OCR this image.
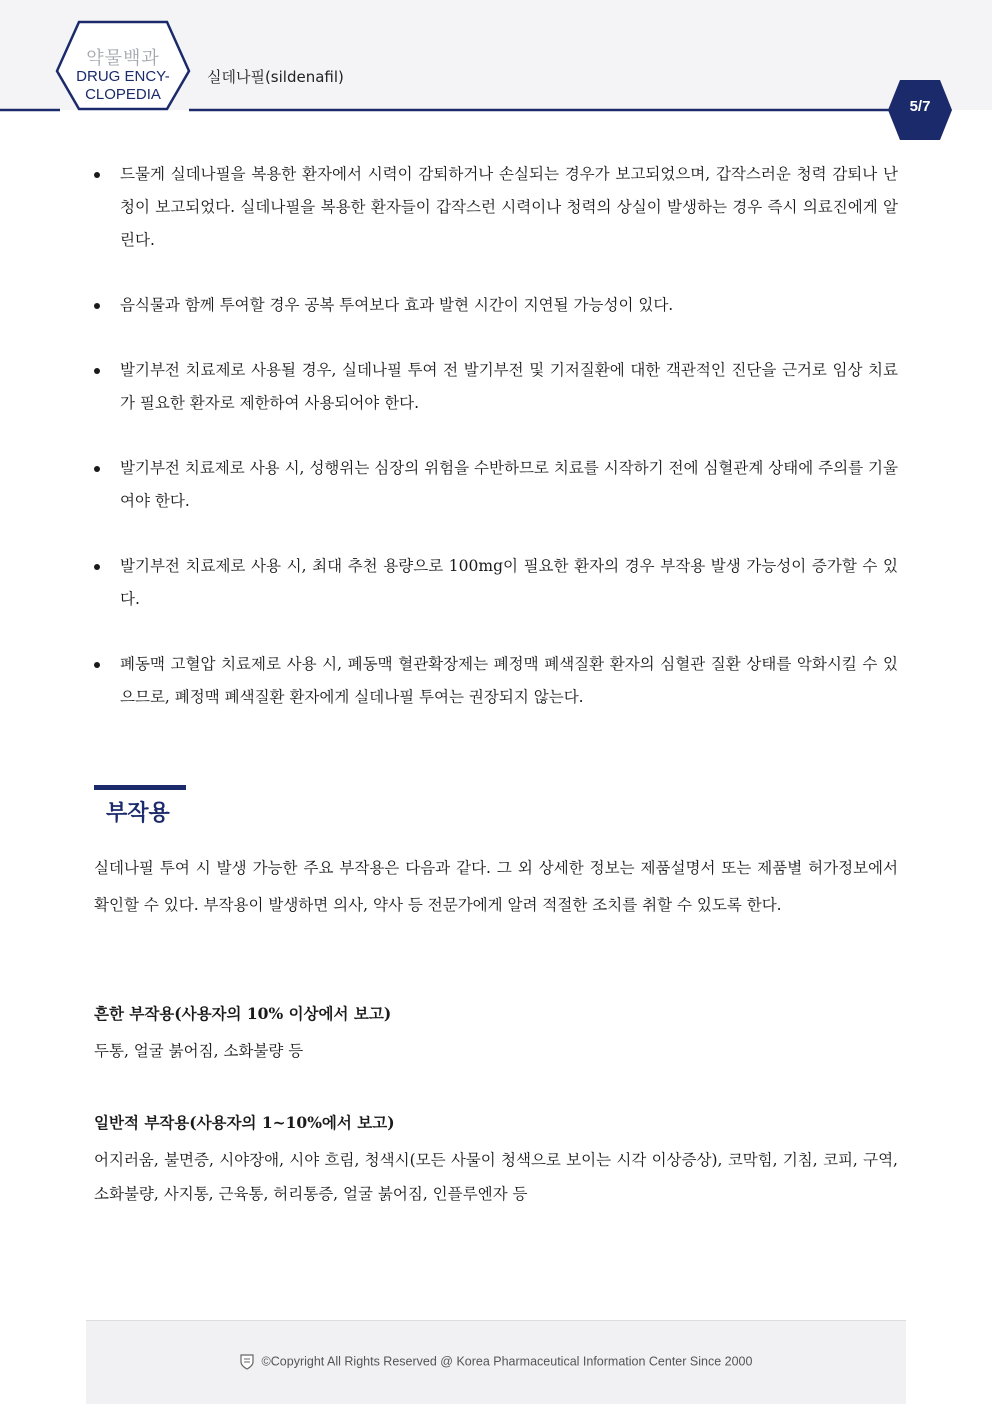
약물백과
DRUG ENCY-
CLOPEDIA
실데나필(sildenafil)
5/7
드물게 실데나필을 복용한 환자에서 시력이 감퇴하거나 손실되는 경우가 보고되었으며, 갑작스러운 청력 감퇴나 난청이 보고되었다. 실데나필을 복용한 환자들이 갑작스런 시력이나 청력의 상실이 발생하는 경우 즉시 의료진에게 알린다.
음식물과 함께 투여할 경우 공복 투여보다 효과 발현 시간이 지연될 가능성이 있다.
발기부전 치료제로 사용될 경우, 실데나필 투여 전 발기부전 및 기저질환에 대한 객관적인 진단을 근거로 임상 치료가 필요한 환자로 제한하여 사용되어야 한다.
발기부전 치료제로 사용 시, 성행위는 심장의 위험을 수반하므로 치료를 시작하기 전에 심혈관계 상태에 주의를 기울여야 한다.
발기부전 치료제로 사용 시, 최대 추천 용량으로 100mg이 필요한 환자의 경우 부작용 발생 가능성이 증가할 수 있다.
폐동맥 고혈압 치료제로 사용 시, 폐동맥 혈관확장제는 폐정맥 폐색질환 환자의 심혈관 질환 상태를 악화시킬 수 있으므로, 폐정맥 폐색질환 환자에게 실데나필 투여는 권장되지 않는다.
부작용

실데나필 투여 시 발생 가능한 주요 부작용은 다음과 같다. 그 외 상세한 정보는 제품설명서 또는 제품별 허가정보에서 확인할 수 있다. 부작용이 발생하면 의사, 약사 등 전문가에게 알려 적절한 조치를 취할 수 있도록 한다.

흔한 부작용(사용자의 10% 이상에서 보고)

두통, 얼굴 붉어짐, 소화불량 등

일반적 부작용(사용자의 1~10%에서 보고)

어지러움, 불면증, 시야장애, 시야 흐림, 청색시(모든 사물이 청색으로 보이는 시각 이상증상), 코막힘, 기침, 코피, 구역, 소화불량, 사지통, 근육통, 허리통증, 얼굴 붉어짐, 인플루엔자 등

©Copyright All Rights Reserved @ Korea Pharmaceutical Information Center Since 2000
